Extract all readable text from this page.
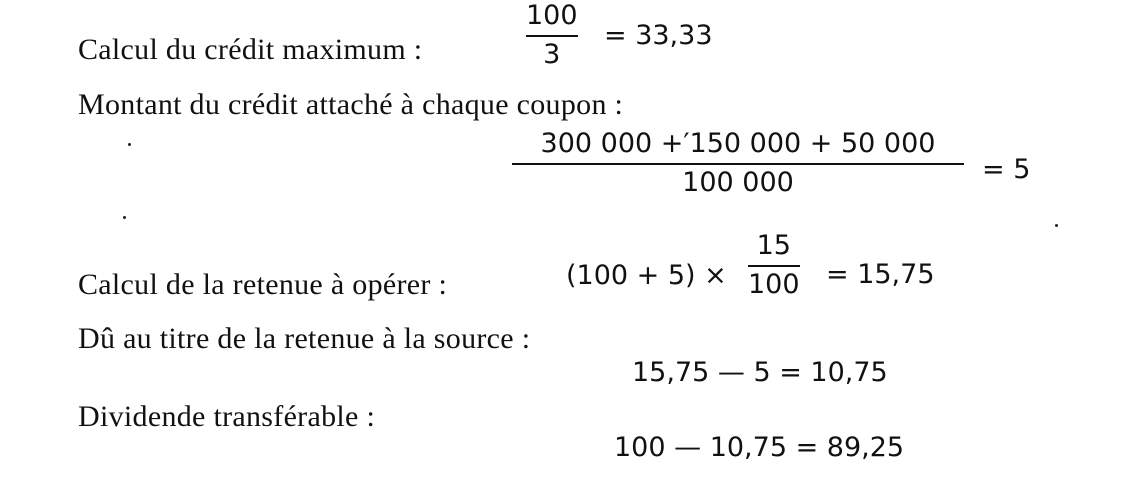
Calcul du crédit maximum :
100
3
= 33,33
Montant du crédit attaché à chaque coupon :
300 000 +′150 000 + 50 000
100 000	= 5
Calcul de la retenue à opérer :	(100 + 5) ×
15
100 = 15,75
Dû au titre de la retenue à la source :
15,75 — 5 = 10,75
Dividende transférable :
100 — 10,75 = 89,25
